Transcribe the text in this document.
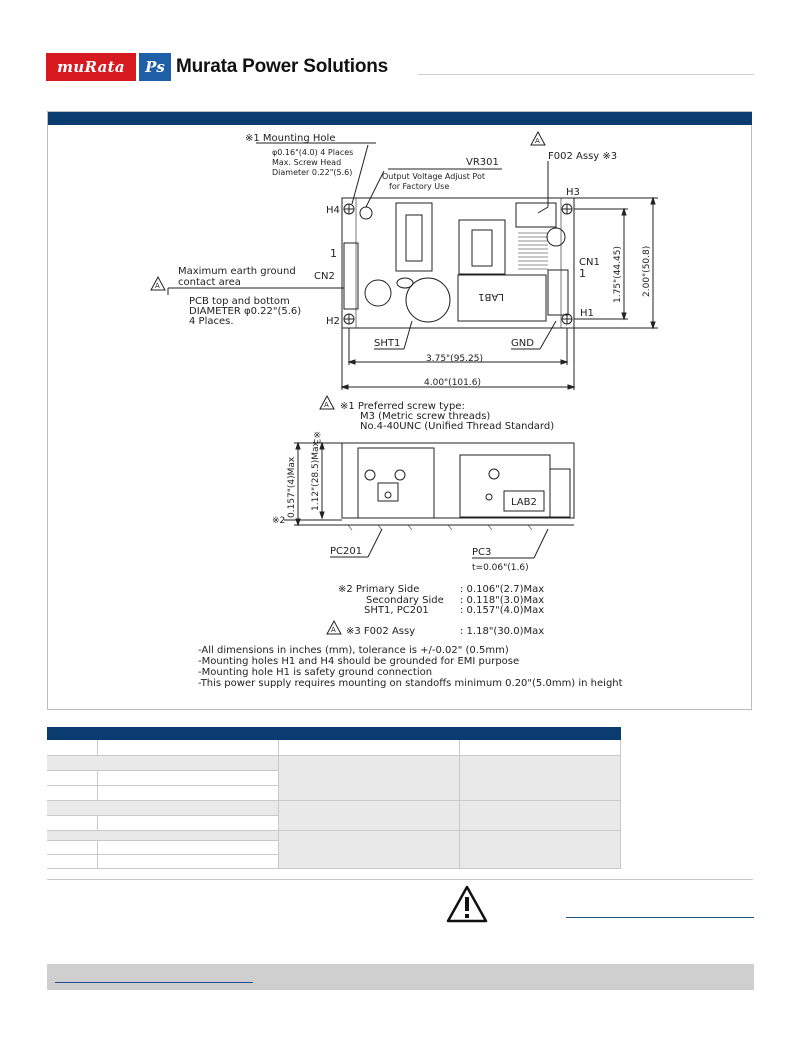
muRata	Ps Murata Power Solutions
LAB1
※1 Mounting Hole
φ0.16"(4.0) 4 Places
Max. Screw Head
Diameter 0.22"(5.6)
VR301
Output Voltage Adjust Pot
for Factory Use
A
F002 Assy ※3
H4
H2
H3
H1
CN1
1
CN2
1
A
Maximum earth ground
contact area
PCB top and bottom
DIAMETER φ0.22"(5.6)
4 Places.
SHT1	GND
3.75"(95.25)
4.00"(101.6)
1.75"(44.45) 2.00"(50.8)
A ※1 Preferred screw type:
M3 (Metric screw threads)
No.4-40UNC (Unified Thread Standard)
LAB2
0.157"(4)Max 1.12"(28.5)Max
※3
※2
PC201	PC3
t=0.06"(1.6)
※2 Primary Side	: 0.106"(2.7)Max
Secondary Side : 0.118"(3.0)Max
SHT1, PC201	: 0.157"(4.0)Max
A ※3 F002 Assy	: 1.18"(30.0)Max
-All dimensions in inches (mm), tolerance is +/-0.02" (0.5mm)
-Mounting holes H1 and H4 should be grounded for EMI purpose
-Mounting hole H1 is safety ground connection
-This power supply requires mounting on standoffs minimum 0.20"(5.0mm) in height
